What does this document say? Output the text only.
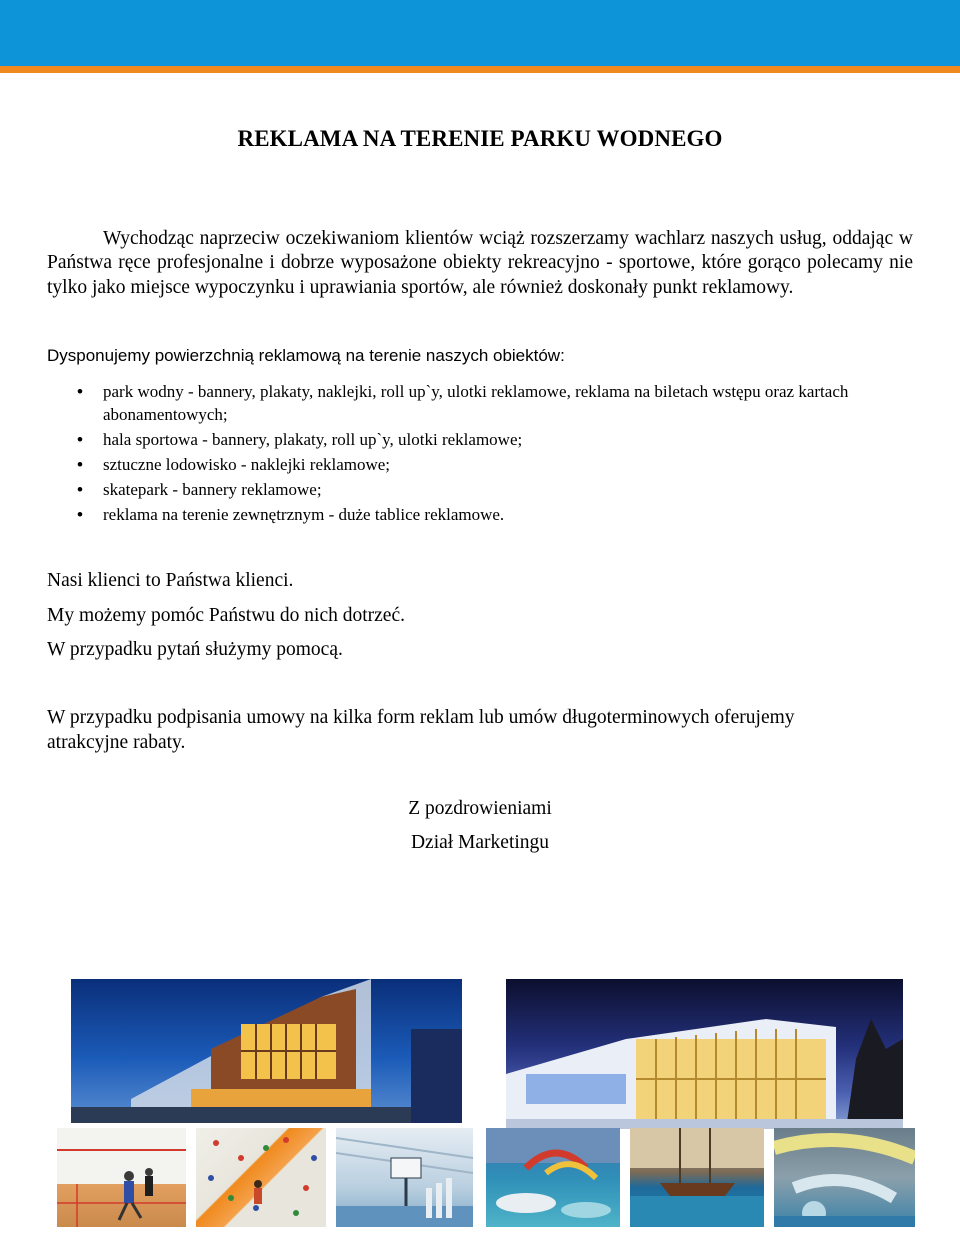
REKLAMA NA TERENIE PARKU WODNEGO

Wychodząc naprzeciw oczekiwaniom klientów wciąż rozszerzamy wachlarz naszych usług, oddając w Państwa ręce profesjonalne i dobrze wyposażone obiekty rekreacyjno - sportowe, które gorąco polecamy nie tylko jako miejsce wypoczynku i uprawiania sportów, ale również doskonały punkt reklamowy.

Dysponujemy powierzchnią reklamową na terenie naszych obiektów:

• park wodny - bannery, plakaty, naklejki, roll up`y, ulotki reklamowe, reklama na biletach wstępu oraz kartach abonamentowych;
• hala sportowa - bannery, plakaty, roll up`y, ulotki reklamowe;
• sztuczne lodowisko - naklejki reklamowe;
• skatepark - bannery reklamowe;
• reklama na terenie zewnętrznym - duże tablice reklamowe.

Nasi klienci to Państwa klienci.

My możemy pomóc Państwu do nich dotrzeć.

W przypadku pytań służymy pomocą.

W przypadku podpisania umowy na kilka form reklam lub umów długoterminowych oferujemy atrakcyjne rabaty.

Z pozdrowieniami

Dział Marketingu
